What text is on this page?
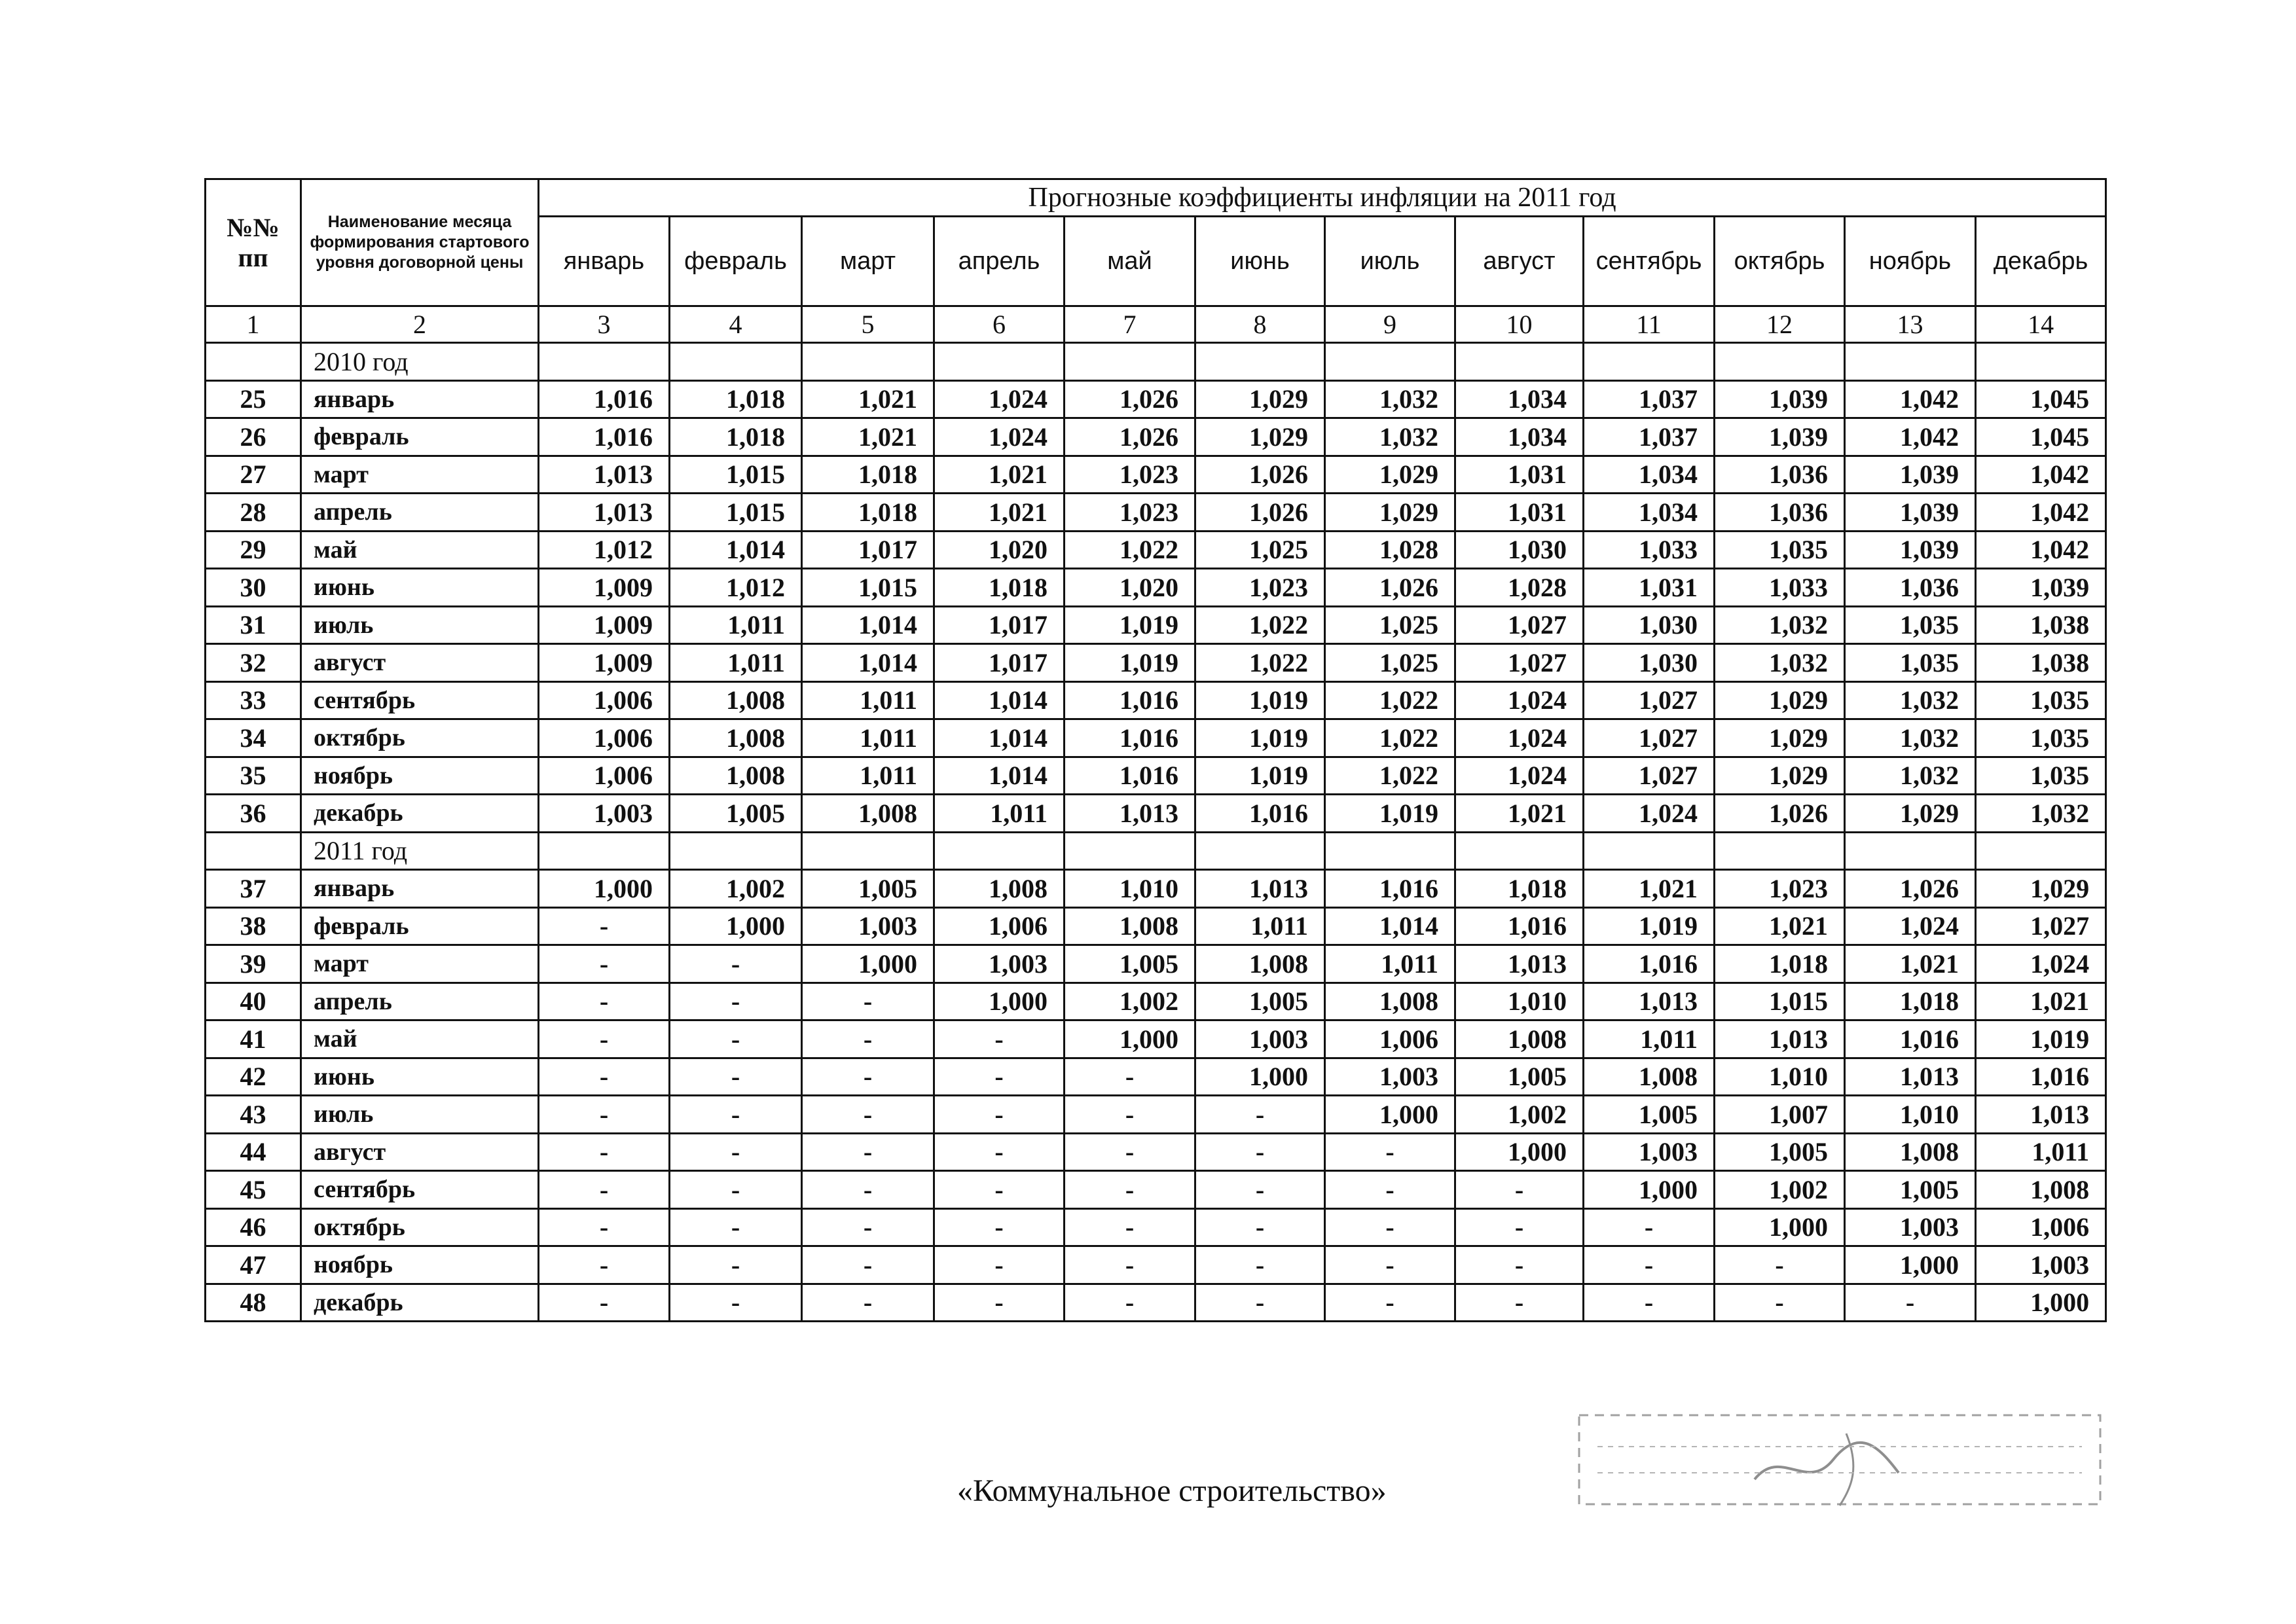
№№
пп	Наименование месяца формирования стартового уровня договорной цены	Прогнозные коэффициенты инфляции на 2011 год											
		январь	февраль	март	апрель	май	июнь	июль	август	сентябрь	октябрь	ноябрь	декабрь
1	2	3	4	5	6	7	8	9	10	11	12	13	14
	2010 год												
25	январь	1,016	1,018	1,021	1,024	1,026	1,029	1,032	1,034	1,037	1,039	1,042	1,045
26	февраль	1,016	1,018	1,021	1,024	1,026	1,029	1,032	1,034	1,037	1,039	1,042	1,045
27	март	1,013	1,015	1,018	1,021	1,023	1,026	1,029	1,031	1,034	1,036	1,039	1,042
28	апрель	1,013	1,015	1,018	1,021	1,023	1,026	1,029	1,031	1,034	1,036	1,039	1,042
29	май	1,012	1,014	1,017	1,020	1,022	1,025	1,028	1,030	1,033	1,035	1,039	1,042
30	июнь	1,009	1,012	1,015	1,018	1,020	1,023	1,026	1,028	1,031	1,033	1,036	1,039
31	июль	1,009	1,011	1,014	1,017	1,019	1,022	1,025	1,027	1,030	1,032	1,035	1,038
32	август	1,009	1,011	1,014	1,017	1,019	1,022	1,025	1,027	1,030	1,032	1,035	1,038
33	сентябрь	1,006	1,008	1,011	1,014	1,016	1,019	1,022	1,024	1,027	1,029	1,032	1,035
34	октябрь	1,006	1,008	1,011	1,014	1,016	1,019	1,022	1,024	1,027	1,029	1,032	1,035
35	ноябрь	1,006	1,008	1,011	1,014	1,016	1,019	1,022	1,024	1,027	1,029	1,032	1,035
36	декабрь	1,003	1,005	1,008	1,011	1,013	1,016	1,019	1,021	1,024	1,026	1,029	1,032
	2011 год												
37	январь	1,000	1,002	1,005	1,008	1,010	1,013	1,016	1,018	1,021	1,023	1,026	1,029
38	февраль	-	1,000	1,003	1,006	1,008	1,011	1,014	1,016	1,019	1,021	1,024	1,027
39	март	-	-	1,000	1,003	1,005	1,008	1,011	1,013	1,016	1,018	1,021	1,024
40	апрель	-	-	-	1,000	1,002	1,005	1,008	1,010	1,013	1,015	1,018	1,021
41	май	-	-	-	-	1,000	1,003	1,006	1,008	1,011	1,013	1,016	1,019
42	июнь	-	-	-	-	-	1,000	1,003	1,005	1,008	1,010	1,013	1,016
43	июль	-	-	-	-	-	-	1,000	1,002	1,005	1,007	1,010	1,013
44	август	-	-	-	-	-	-	-	1,000	1,003	1,005	1,008	1,011
45	сентябрь	-	-	-	-	-	-	-	-	1,000	1,002	1,005	1,008
46	октябрь	-	-	-	-	-	-	-	-	-	1,000	1,003	1,006
47	ноябрь	-	-	-	-	-	-	-	-	-	-	1,000	1,003
48	декабрь	-	-	-	-	-	-	-	-	-	-	-	1,000
«Коммунальное строительство»
